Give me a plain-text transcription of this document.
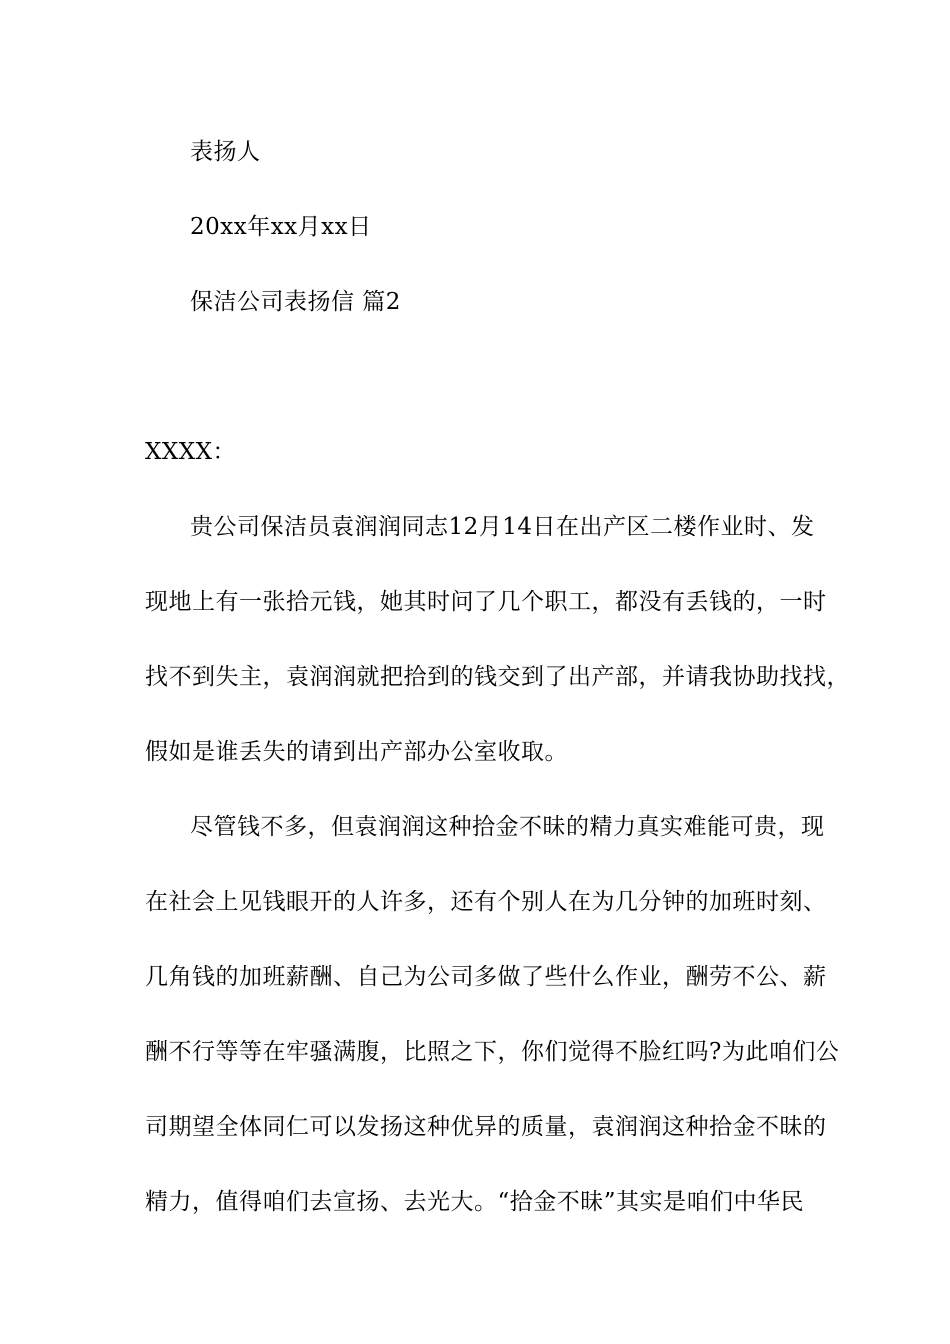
表扬人
20xx年xx月xx日
保洁公司表扬信 篇2
XXXX：
贵公司保洁员袁润润同志12月14日在出产区二楼作业时、发
现地上有一张拾元钱，她其时问了几个职工，都没有丢钱的，一时
找不到失主，袁润润就把拾到的钱交到了出产部，并请我协助找找，
假如是谁丢失的请到出产部办公室收取。
尽管钱不多，但袁润润这种拾金不昧的精力真实难能可贵，现
在社会上见钱眼开的人许多，还有个别人在为几分钟的加班时刻、
几角钱的加班薪酬、自己为公司多做了些什么作业，酬劳不公、薪
酬不行等等在牢骚满腹，比照之下，你们觉得不脸红吗?为此咱们公
司期望全体同仁可以发扬这种优异的质量，袁润润这种拾金不昧的
精力，值得咱们去宣扬、去光大。“拾金不昧”其实是咱们中华民
